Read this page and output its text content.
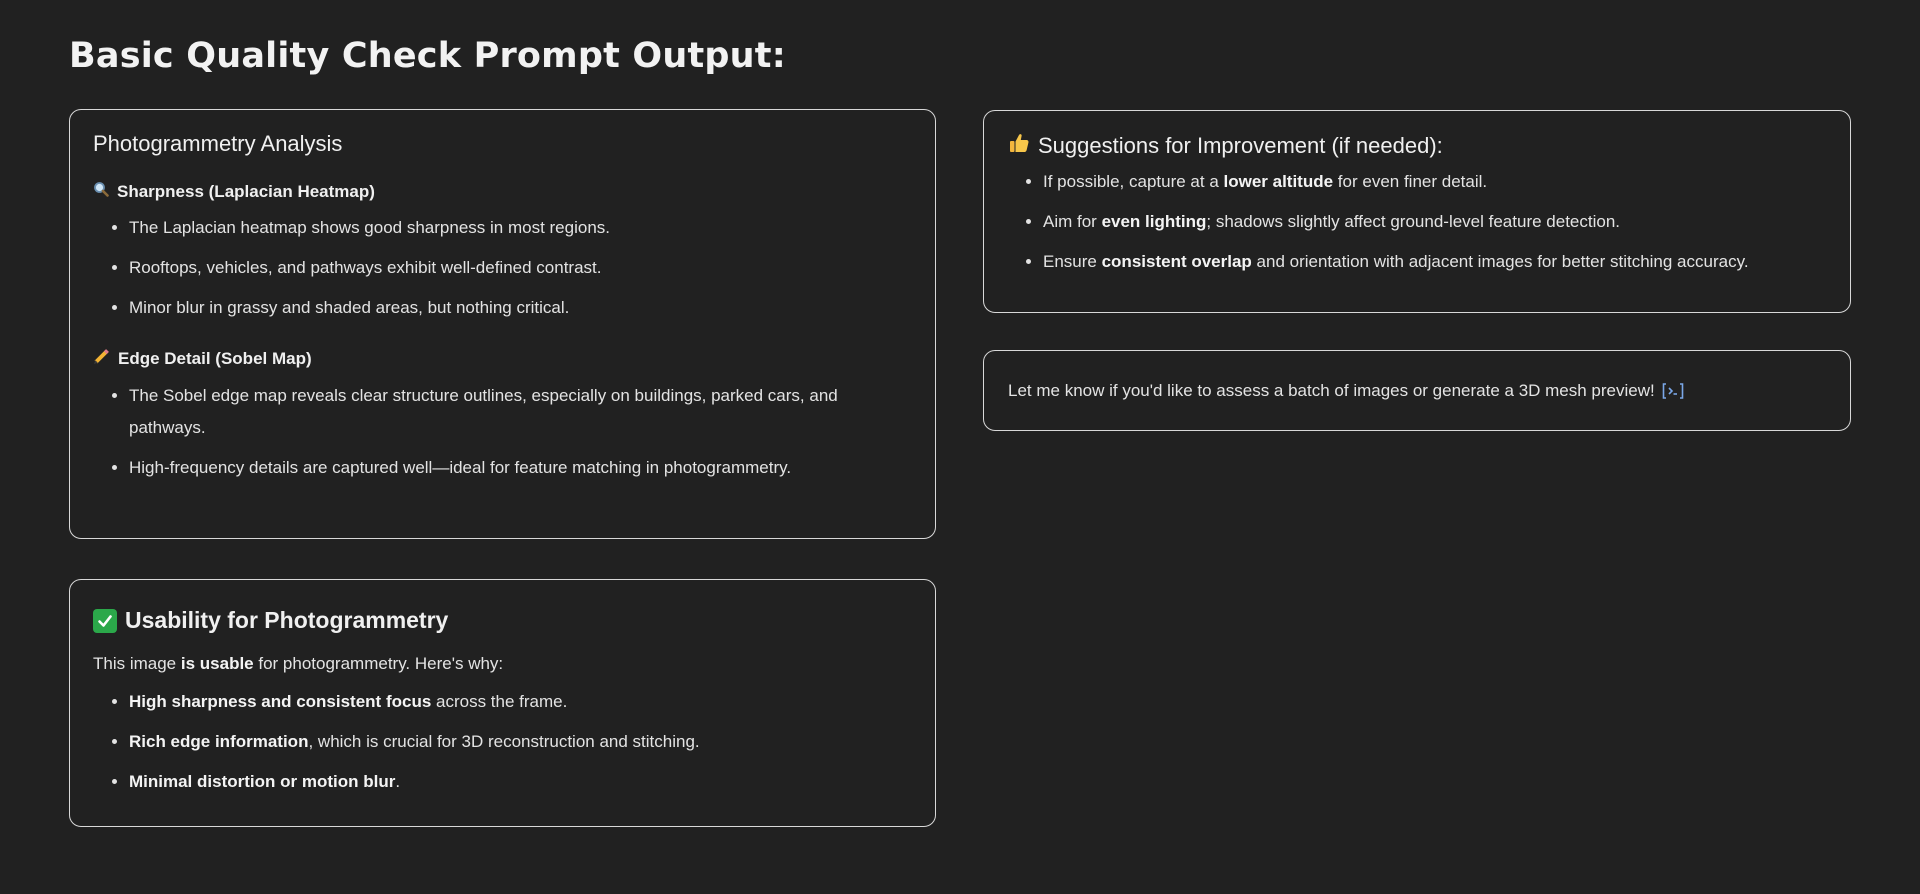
Basic Quality Check Prompt Output:
Photogrammetry Analysis
Sharpness (Laplacian Heatmap)
• The Laplacian heatmap shows good sharpness in most regions.
• Rooftops, vehicles, and pathways exhibit well-defined contrast.
• Minor blur in grassy and shaded areas, but nothing critical.
Edge Detail (Sobel Map)
• The Sobel edge map reveals clear structure outlines, especially on buildings, parked cars, and pathways.
• High-frequency details are captured well—ideal for feature matching in photogrammetry.
Usability for Photogrammetry

This image is usable for photogrammetry. Here's why:

• High sharpness and consistent focus across the frame.
• Rich edge information, which is crucial for 3D reconstruction and stitching.
• Minimal distortion or motion blur.
Suggestions for Improvement (if needed):
• If possible, capture at a lower altitude for even finer detail.
• Aim for even lighting; shadows slightly affect ground-level feature detection.
• Ensure consistent overlap and orientation with adjacent images for better stitching accuracy.
Let me know if you'd like to assess a batch of images or generate a 3D mesh preview!
